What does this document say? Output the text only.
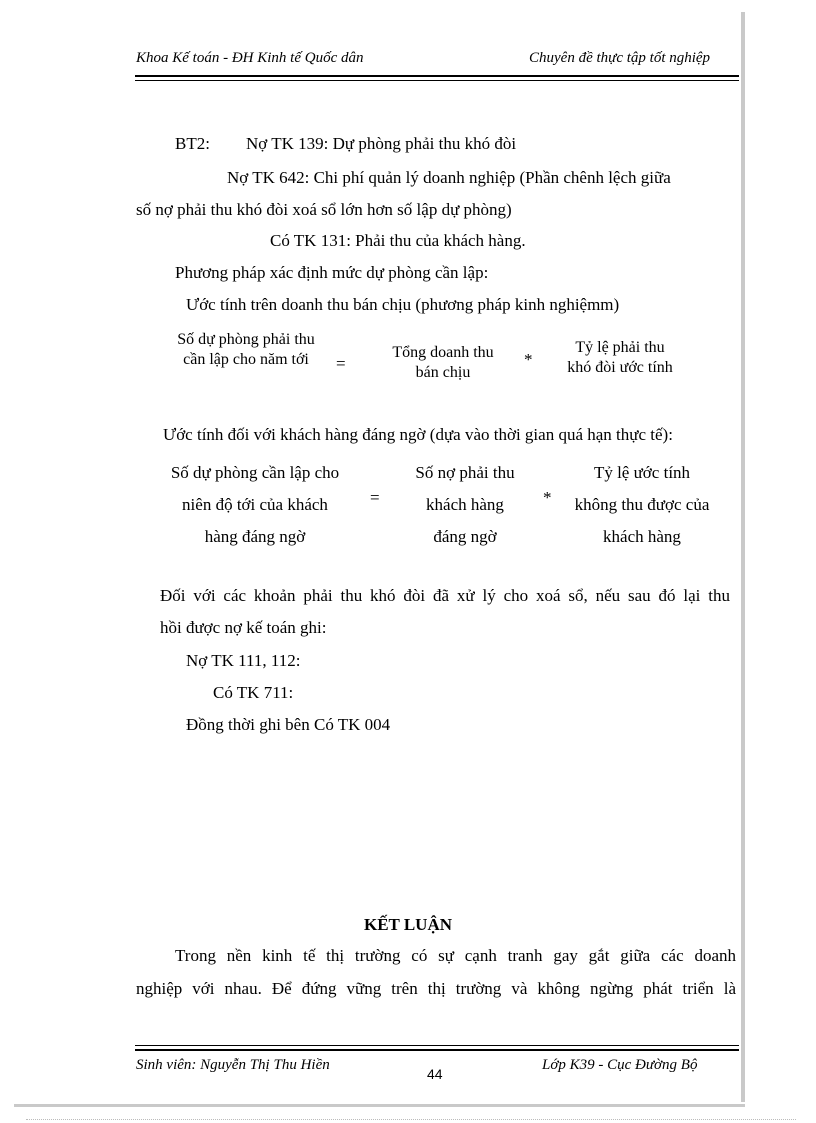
Khoa Kế toán - ĐH Kinh tế Quốc dân	Chuyên đề thực tập tốt nghiệp
BT2: Nợ TK 139: Dự phòng phải thu khó đòi
Nợ TK 642: Chi phí quản lý doanh nghiệp (Phần chênh lệch giữa
số nợ phải thu khó đòi xoá sổ lớn hơn số lập dự phòng)
Có TK 131: Phải thu của khách hàng.
Phương pháp xác định mức dự phòng cần lập:
Ước tính trên doanh thu bán chịu (phương pháp kinh nghiệmm)
Số dự phòng phải thu cần lập cho năm tới	=
Tổng doanh thu bán chịu
*
Tỷ lệ phải thu khó đòi ước tính
Ước tính đối với khách hàng đáng ngờ (dựa vào thời gian quá hạn thực tế):
Số dự phòng cần lập cho
niên độ tới của khách
hàng đáng ngờ
=
Số nợ phải thu
khách hàng
đáng ngờ
*
Tỷ lệ ước tính
không thu được của
khách hàng
Đối với các khoản phải thu khó đòi đã xử lý cho xoá sổ, nếu sau đó lại thu
hồi được nợ kế toán ghi:
Nợ TK 111, 112:
Có TK 711:
Đồng thời ghi bên Có TK 004
KẾT LUẬN
Trong nền kinh tế thị trường có sự cạnh tranh gay gắt giữa các doanh
nghiệp với nhau. Để đứng vững trên thị trường và không ngừng phát triển là
Sinh viên: Nguyễn Thị Thu Hiền
44
Lớp K39 - Cục Đường Bộ
